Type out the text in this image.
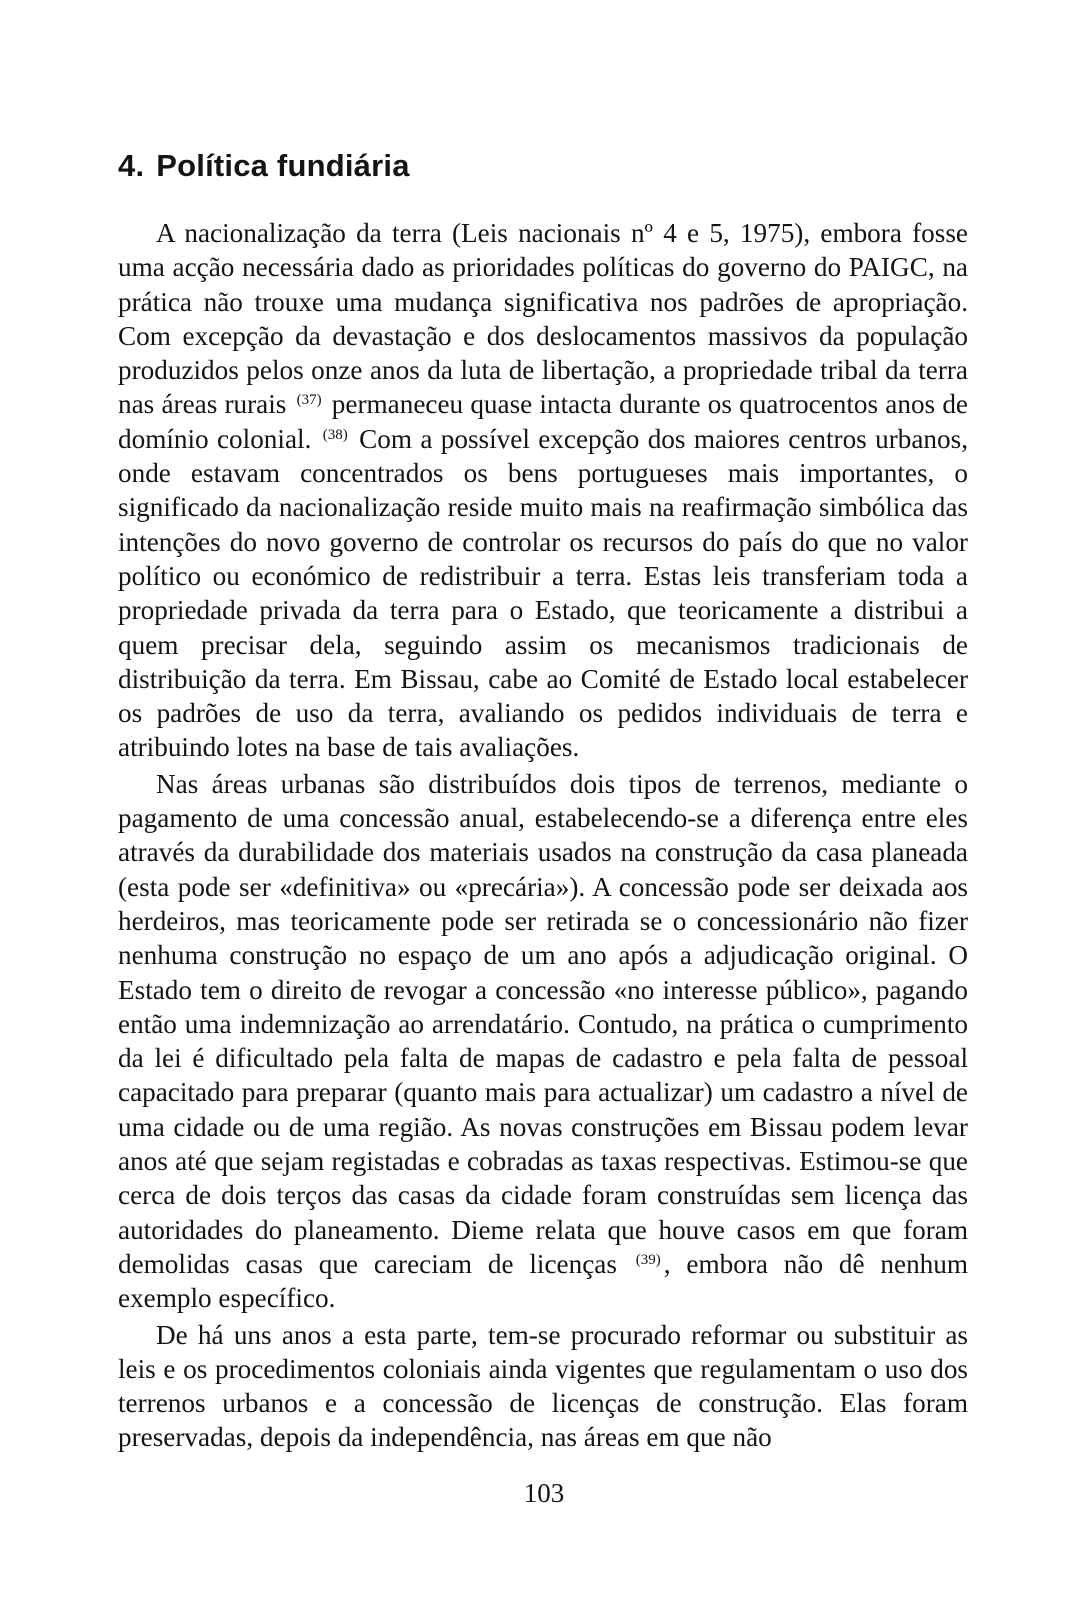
4. Política fundiária

A nacionalização da terra (Leis nacionais nº 4 e 5, 1975), embora fosse uma acção necessária dado as prioridades políticas do governo do PAIGC, na prática não trouxe uma mudança significativa nos padrões de apropriação. Com excepção da devastação e dos deslocamentos massivos da população produzidos pelos onze anos da luta de libertação, a propriedade tribal da terra nas áreas rurais $^{(37)}$ permaneceu quase intacta durante os quatrocentos anos de domínio colonial. $^{(38)}$ Com a possível excepção dos maiores centros urbanos, onde estavam concentrados os bens portugueses mais importantes, o significado da nacionalização reside muito mais na reafirmação simbólica das intenções do novo governo de controlar os recursos do país do que no valor político ou económico de redistribuir a terra. Estas leis transferiam toda a propriedade privada da terra para o Estado, que teoricamente a distribui a quem precisar dela, seguindo assim os mecanismos tradicionais de distribuição da terra. Em Bissau, cabe ao Comité de Estado local estabelecer os padrões de uso da terra, avaliando os pedidos individuais de terra e atribuindo lotes na base de tais avaliações.

Nas áreas urbanas são distribuídos dois tipos de terrenos, mediante o pagamento de uma concessão anual, estabelecendo-se a diferença entre eles através da durabilidade dos materiais usados na construção da casa planeada (esta pode ser «definitiva» ou «precária»). A concessão pode ser deixada aos herdeiros, mas teoricamente pode ser retirada se o concessionário não fizer nenhuma construção no espaço de um ano após a adjudicação original. O Estado tem o direito de revogar a concessão «no interesse público», pagando então uma indemnização ao arrendatário. Contudo, na prática o cumprimento da lei é dificultado pela falta de mapas de cadastro e pela falta de pessoal capacitado para preparar (quanto mais para actualizar) um cadastro a nível de uma cidade ou de uma região. As novas construções em Bissau podem levar anos até que sejam registadas e cobradas as taxas respectivas. Estimou-se que cerca de dois terços das casas da cidade foram construídas sem licença das autoridades do planeamento. Dieme relata que houve casos em que foram demolidas casas que careciam de licenças $^{(39)}$ , embora não dê nenhum exemplo específico.

De há uns anos a esta parte, tem-se procurado reformar ou substituir as leis e os procedimentos coloniais ainda vigentes que regulamentam o uso dos terrenos urbanos e a concessão de licenças de construção. Elas foram preservadas, depois da independência, nas áreas em que não

103
